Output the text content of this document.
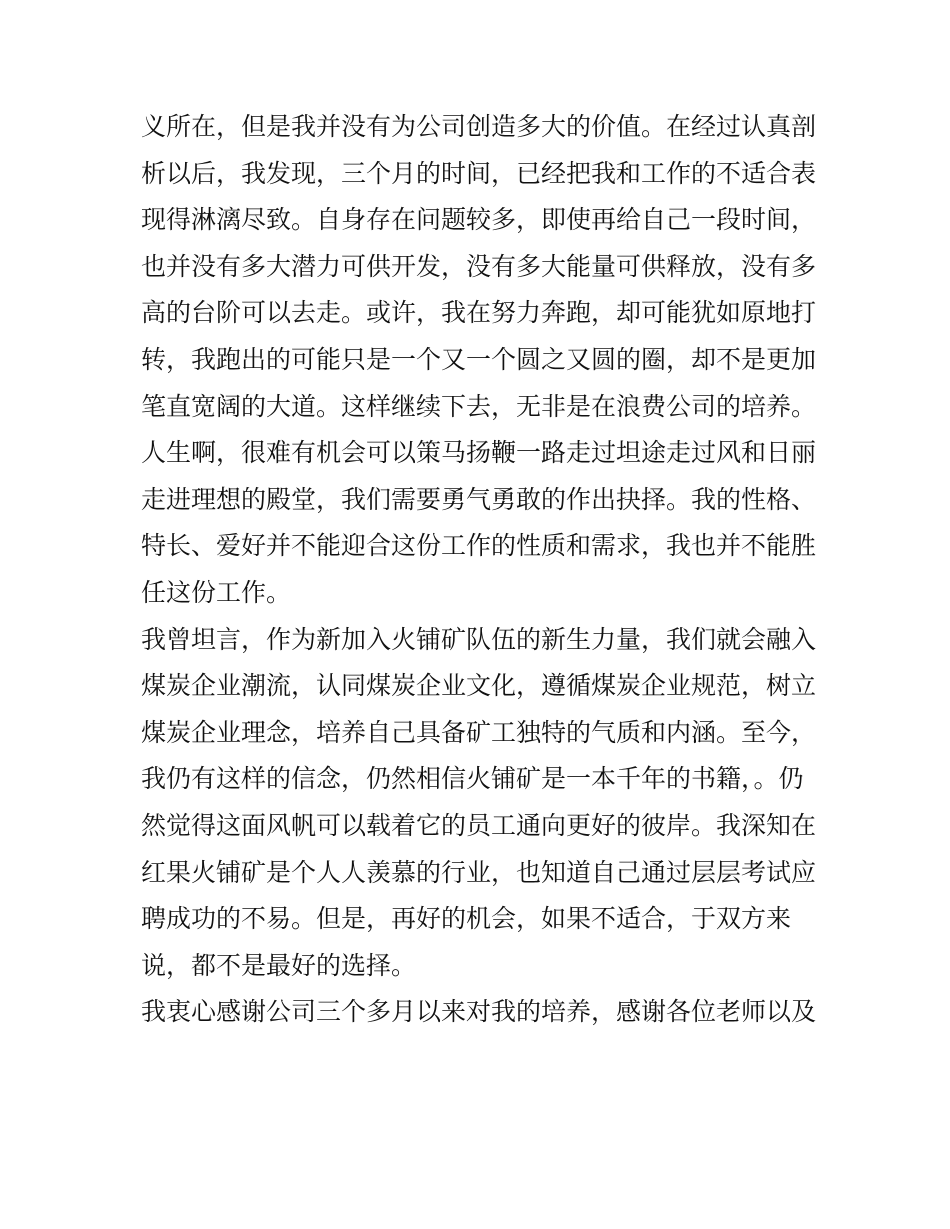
义所在，但是我并没有为公司创造多大的价值。在经过认真剖
析以后，我发现，三个月的时间，已经把我和工作的不适合表
现得淋漓尽致。自身存在问题较多，即使再给自己一段时间，
也并没有多大潜力可供开发，没有多大能量可供释放，没有多
高的台阶可以去走。或许，我在努力奔跑，却可能犹如原地打
转，我跑出的可能只是一个又一个圆之又圆的圈，却不是更加
笔直宽阔的大道。这样继续下去，无非是在浪费公司的培养。
人生啊，很难有机会可以策马扬鞭一路走过坦途走过风和日丽
走进理想的殿堂，我们需要勇气勇敢的作出抉择。我的性格、
特长、爱好并不能迎合这份工作的性质和需求，我也并不能胜
任这份工作。
我曾坦言，作为新加入火铺矿队伍的新生力量，我们就会融入
煤炭企业潮流，认同煤炭企业文化，遵循煤炭企业规范，树立
煤炭企业理念，培养自己具备矿工独特的气质和内涵。至今，
我仍有这样的信念，仍然相信火铺矿是一本千年的书籍，。仍
然觉得这面风帆可以载着它的员工通向更好的彼岸。我深知在
红果火铺矿是个人人羡慕的行业，也知道自己通过层层考试应
聘成功的不易。但是，再好的机会，如果不适合，于双方来
说，都不是最好的选择。
我衷心感谢公司三个多月以来对我的培养，感谢各位老师以及
